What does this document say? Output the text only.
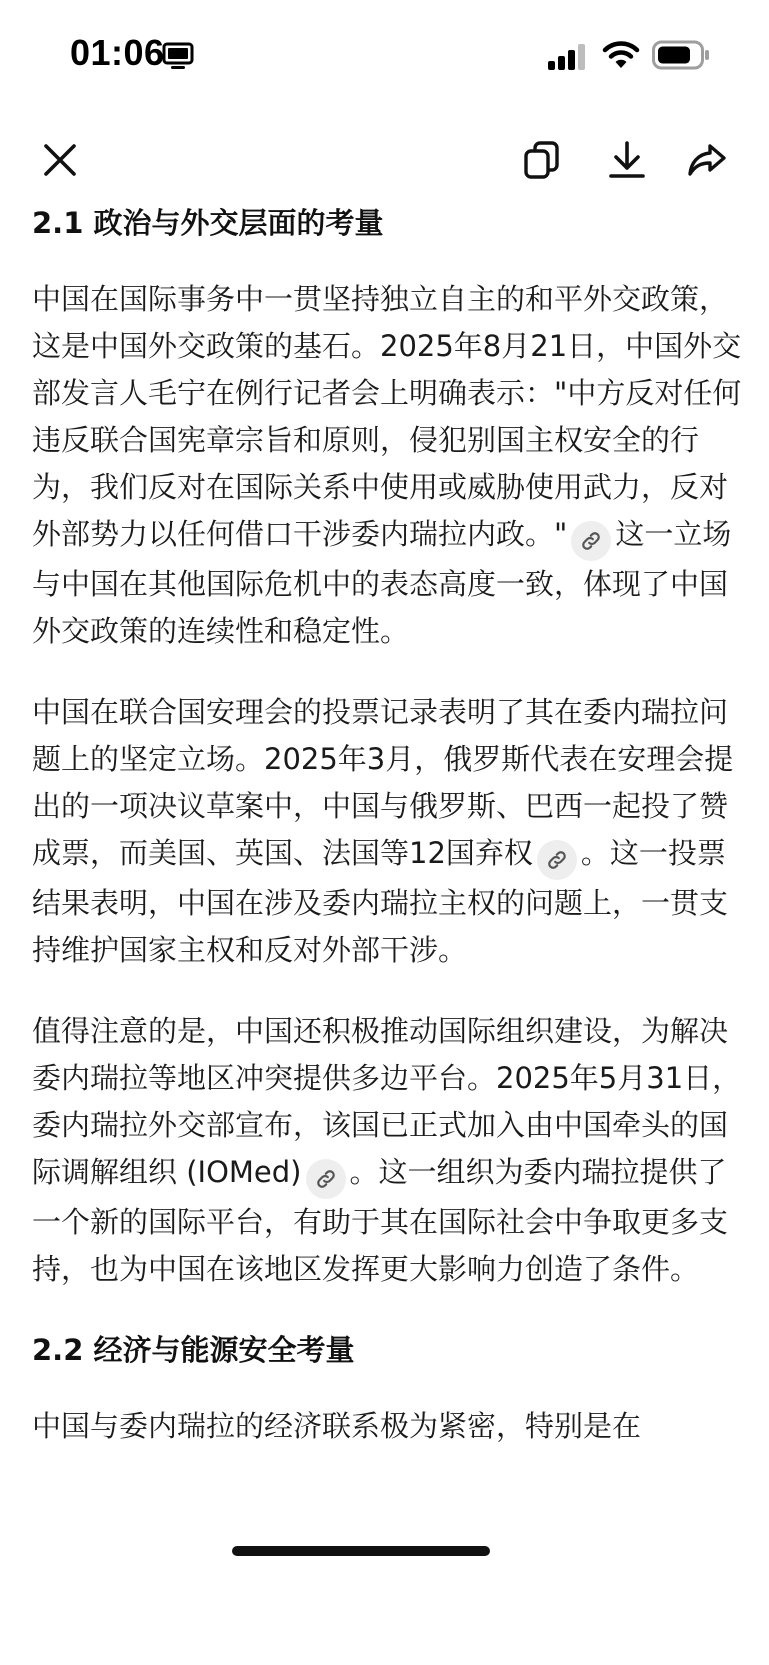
01:06
2.1 政治与外交层面的考量

中国在国际事务中一贯坚持独立自主的和平外交政策，这是中国外交政策的基石。2025年8月21日，中国外交部发言人毛宁在例行记者会上明确表示："中方反对任何违反联合国宪章宗旨和原则，侵犯别国主权安全的行为，我们反对在国际关系中使用或威胁使用武力，反对外部势力以任何借口干涉委内瑞拉内政。" 这一立场与中国在其他国际危机中的表态高度一致，体现了中国外交政策的连续性和稳定性。

中国在联合国安理会的投票记录表明了其在委内瑞拉问题上的坚定立场。2025年3月，俄罗斯代表在安理会提出的一项决议草案中，中国与俄罗斯、巴西一起投了赞成票，而美国、英国、法国等12国弃权 。这一投票结果表明，中国在涉及委内瑞拉主权的问题上，一贯支持维护国家主权和反对外部干涉。

值得注意的是，中国还积极推动国际组织建设，为解决委内瑞拉等地区冲突提供多边平台。2025年5月31日，委内瑞拉外交部宣布，该国已正式加入由中国牵头的国际调解组织 (IOMed) 。这一组织为委内瑞拉提供了一个新的国际平台，有助于其在国际社会中争取更多支持，也为中国在该地区发挥更大影响力创造了条件。

2.2 经济与能源安全考量

中国与委内瑞拉的经济联系极为紧密，特别是在
